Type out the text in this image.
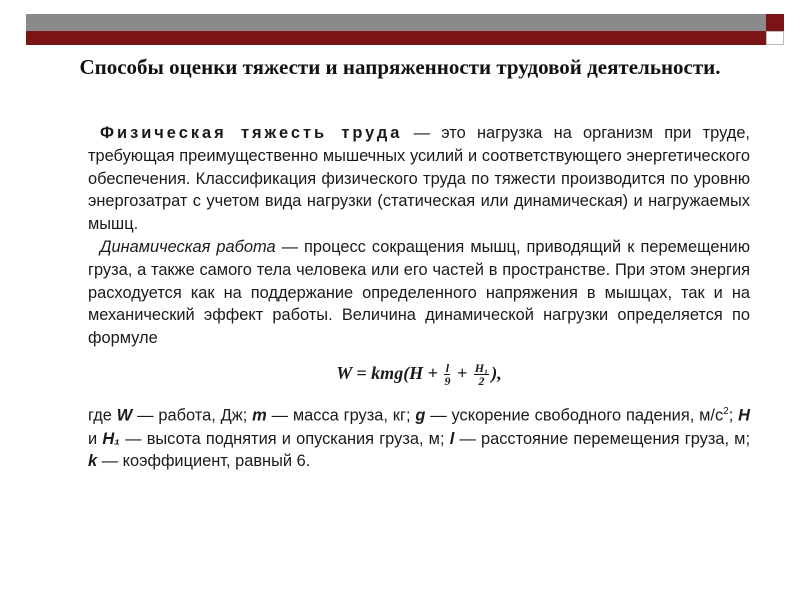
Способы оценки тяжести и напряженности трудовой деятельности.

Физическая тяжесть труда — это нагрузка на организм при труде, требующая преимущественно мышечных усилий и соответствующего энергетического обеспечения. Классификация физического труда по тяжести производится по уровню энергозатрат с учетом вида нагрузки (статическая или динамическая) и нагружаемых мышц.

Динамическая работа — процесс сокращения мышц, приводящий к перемещению груза, а также самого тела человека или его частей в пространстве. При этом энергия расходуется как на поддержание определенного напряжения в мышцах, так и на механический эффект работы. Величина динамической нагрузки определяется по формуле

$W = kmg(H + \frac{l}{9} + \frac{\text{H₁}}{2}$ ),

где W — работа, Дж; m — масса груза, кг; g — ускорение свободного падения, $м/с^2$; H и H₁ — высота поднятия и опускания груза, м; l — расстояние перемещения груза, м; k — коэффициент, равный 6.
